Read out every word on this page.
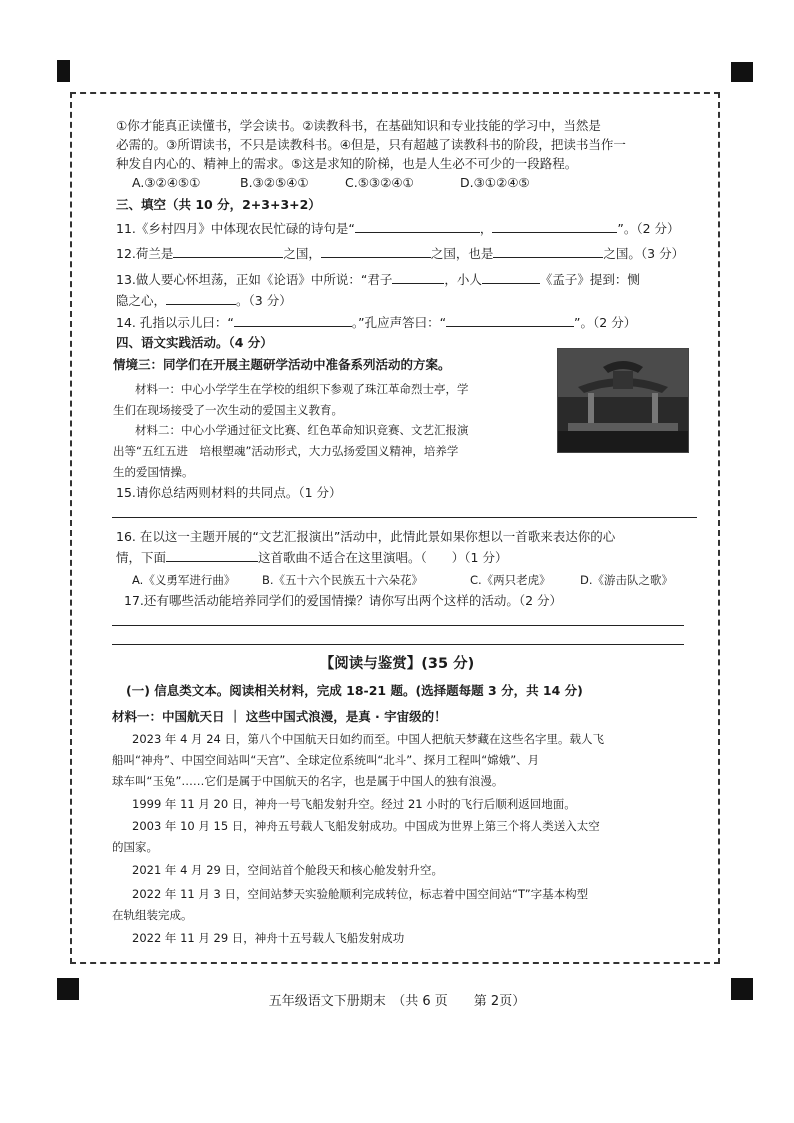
①你才能真正读懂书，学会读书。②读教科书，在基础知识和专业技能的学习中，当然是
必需的。③所谓读书，不只是读教科书。④但是，只有超越了读教科书的阶段，把读书当作一
种发自内心的、精神上的需求。⑤这是求知的阶梯，也是人生必不可少的一段路程。
A.③②④⑤①	B.③②⑤④①	C.⑤③②④①	D.③①②④⑤
三、填空（共 10 分，2+3+3+2）
11.《乡村四月》中体现农民忙碌的诗句是“	，	”。（2 分）
12.荷兰是	之国，	之国，也是	之国。（3 分）
13.做人要心怀坦荡，正如《论语》中所说：“君子	，小人	《孟子》提到：恻
隐之心，	。（3 分）
14. 孔指以示儿曰：“	。”孔应声答曰：“	”。（2 分）
四、语文实践活动。（4 分）
情境三：同学们在开展主题研学活动中准备系列活动的方案。
材料一：中心小学学生在学校的组织下参观了珠江革命烈士亭，学
生们在现场接受了一次生动的爱国主义教育。
材料二：中心小学通过征文比赛、红色革命知识竞赛、文艺汇报演
出等“五红五进　培根塑魂”活动形式，大力弘扬爱国义精神，培养学
生的爱国情操。
15.请你总结两则材料的共同点。（1 分）
16. 在以这一主题开展的“文艺汇报演出”活动中，此情此景如果你想以一首歌来表达你的心
情，下面	这首歌曲不适合在这里演唱。（　　）（1 分）
A.《义勇军进行曲》 B.《五十六个民族五十六朵花》	C.《两只老虎》	D.《游击队之歌》
17.还有哪些活动能培养同学们的爱国情操？请你写出两个这样的活动。（2 分）
【阅读与鉴赏】(35 分)
(一) 信息类文本。阅读相关材料，完成 18-21 题。(选择题每题 3 分，共 14 分)
材料一：中国航天日 ｜ 这些中国式浪漫，是真 · 宇宙级的！
2023 年 4 月 24 日，第八个中国航天日如约而至。中国人把航天梦藏在这些名字里。载人飞
船叫“神舟”、中国空间站叫“天宫”、全球定位系统叫“北斗”、探月工程叫“嫦娥”、月
球车叫“玉兔”……它们是属于中国航天的名字，也是属于中国人的独有浪漫。
1999 年 11 月 20 日，神舟一号飞船发射升空。经过 21 小时的飞行后顺利返回地面。
2003 年 10 月 15 日，神舟五号载人飞船发射成功。中国成为世界上第三个将人类送入太空
的国家。
2021 年 4 月 29 日，空间站首个舱段天和核心舱发射升空。
2022 年 11 月 3 日，空间站梦天实验舱顺利完成转位，标志着中国空间站“T”字基本构型
在轨组装完成。
2022 年 11 月 29 日，神舟十五号载人飞船发射成功
五年级语文下册期末　（共 6 页　　第 2页）
